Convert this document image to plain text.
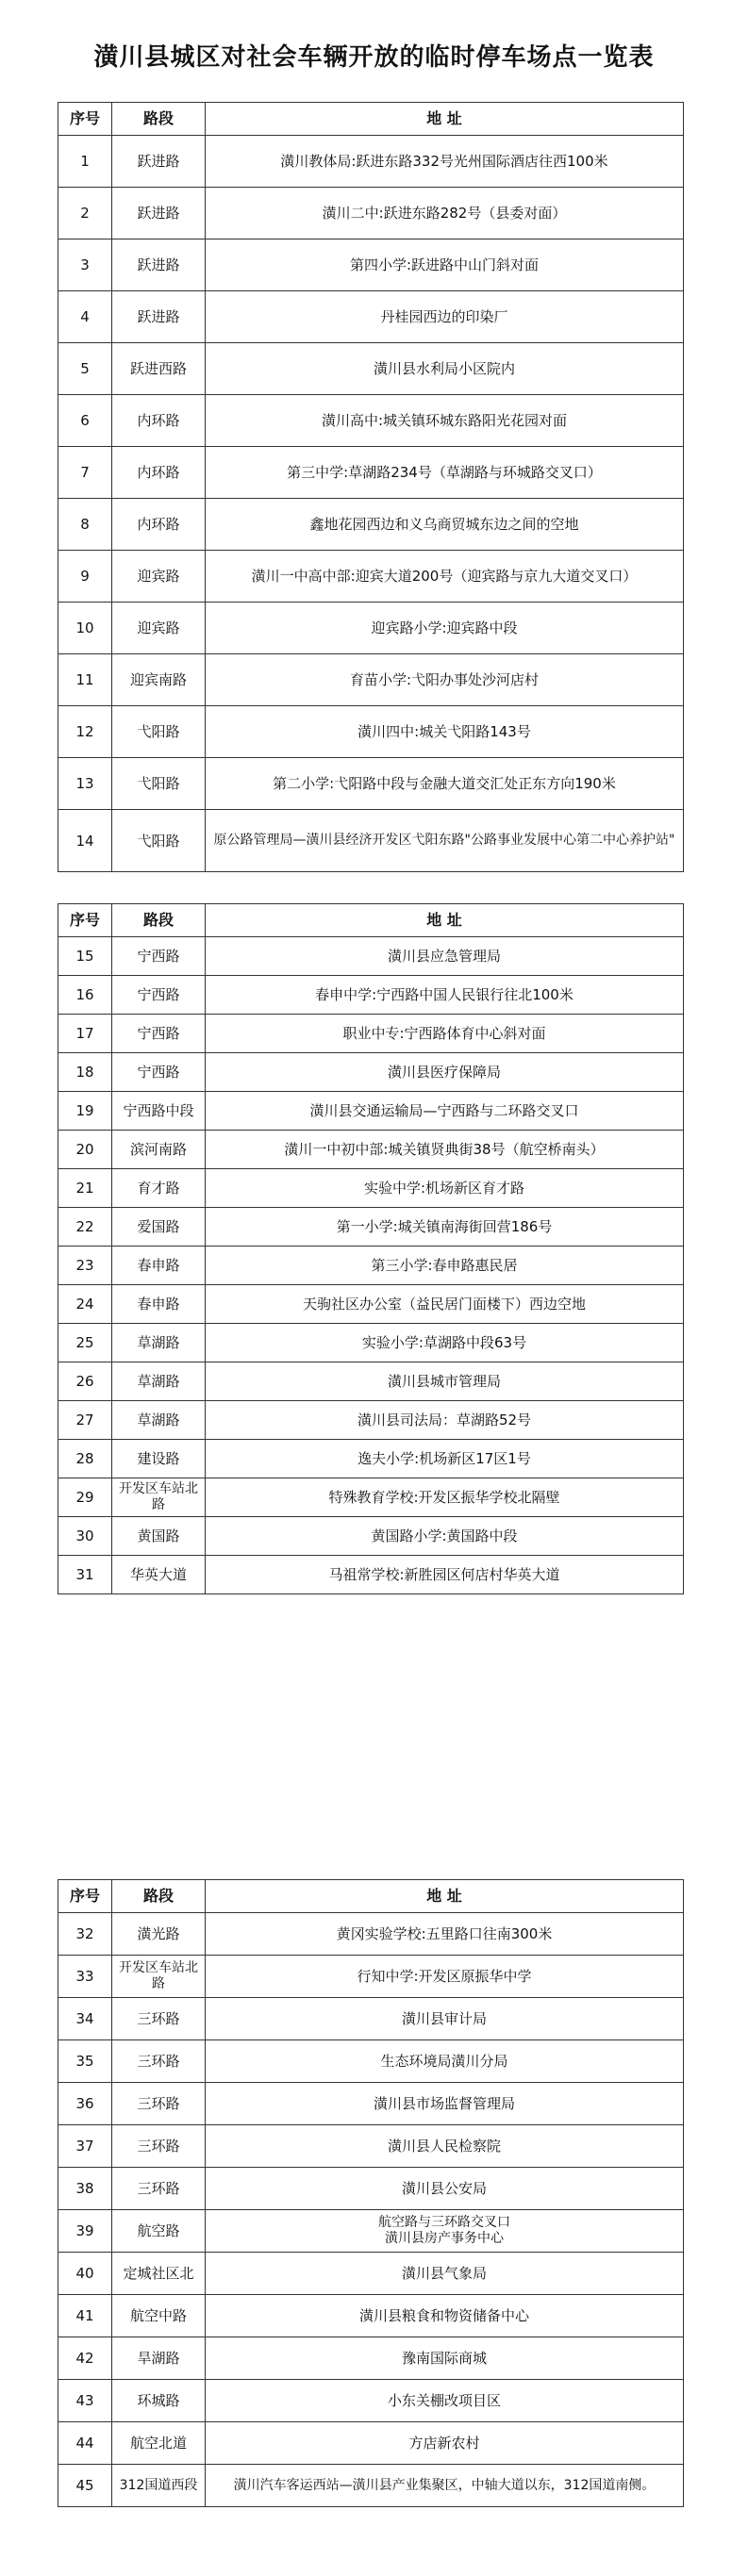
潢川县城区对社会车辆开放的临时停车场点一览表
序号	路段	地 址
1	跃进路	潢川教体局:跃进东路332号光州国际酒店往西100米
2	跃进路	潢川二中:跃进东路282号（县委对面）
3	跃进路	第四小学:跃进路中山门斜对面
4	跃进路	丹桂园西边的印染厂
5	跃进西路	潢川县水利局小区院内
6	内环路	潢川高中:城关镇环城东路阳光花园对面
7	内环路	第三中学:草湖路234号（草湖路与环城路交叉口）
8	内环路	鑫地花园西边和义乌商贸城东边之间的空地
9	迎宾路	潢川一中高中部:迎宾大道200号（迎宾路与京九大道交叉口）
10	迎宾路	迎宾路小学:迎宾路中段
11	迎宾南路	育苗小学:弋阳办事处沙河店村
12	弋阳路	潢川四中:城关弋阳路143号
13	弋阳路	第二小学:弋阳路中段与金融大道交汇处正东方向190米
14	弋阳路	原公路管理局—潢川县经济开发区弋阳东路"公路事业发展中心第二中心养护站"
序号	路段	地 址
15	宁西路	潢川县应急管理局
16	宁西路	春申中学:宁西路中国人民银行往北100米
17	宁西路	职业中专:宁西路体育中心斜对面
18	宁西路	潢川县医疗保障局
19	宁西路中段	潢川县交通运输局—宁西路与二环路交叉口
20	滨河南路	潢川一中初中部:城关镇贤典街38号（航空桥南头）
21	育才路	实验中学:机场新区育才路
22	爱国路	第一小学:城关镇南海街回营186号
23	春申路	第三小学:春申路惠民居
24	春申路	天驹社区办公室（益民居门面楼下）西边空地
25	草湖路	实验小学:草湖路中段63号
26	草湖路	潢川县城市管理局
27	草湖路	潢川县司法局：草湖路52号
28	建设路	逸夫小学:机场新区17区1号
29	开发区车站北路	特殊教育学校:开发区振华学校北隔壁
30	黄国路	黄国路小学:黄国路中段
31	华英大道	马祖常学校:新胜园区何店村华英大道
序号	路段	地 址
32	潢光路	黄冈实验学校:五里路口往南300米
33	开发区车站北路	行知中学:开发区原振华中学
34	三环路	潢川县审计局
35	三环路	生态环境局潢川分局
36	三环路	潢川县市场监督管理局
37	三环路	潢川县人民检察院
38	三环路	潢川县公安局
39	航空路	航空路与三环路交叉口
潢川县房产事务中心

40	定城社区北	潢川县气象局
41	航空中路	潢川县粮食和物资储备中心
42	旱湖路	豫南国际商城
43	环城路	小东关棚改项目区
44	航空北道	方店新农村
45	312国道西段	潢川汽车客运西站—潢川县产业集聚区，中轴大道以东，312国道南侧。
